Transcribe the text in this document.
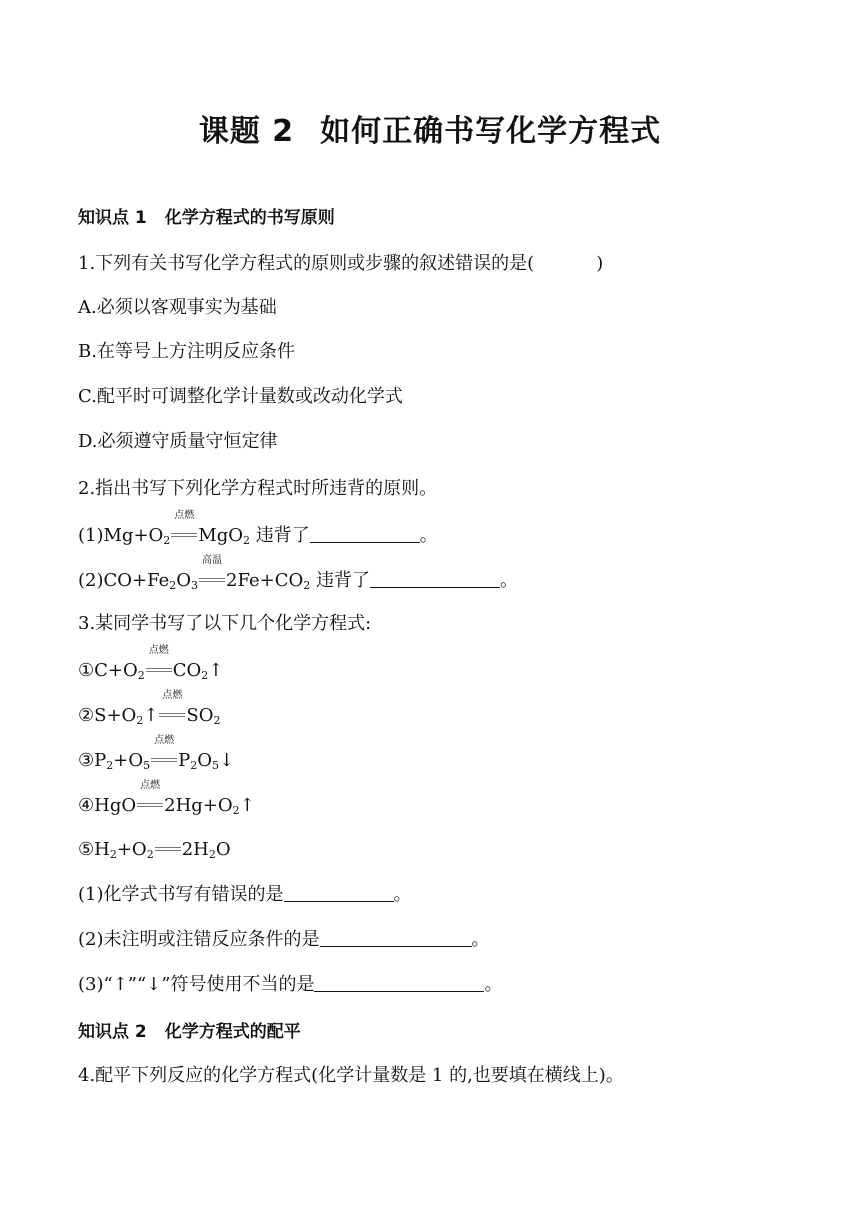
课题 2 如何正确书写化学方程式
知识点 1 化学方程式的书写原则
1.下列有关书写化学方程式的原则或步骤的叙述错误的是(	)
A.必须以客观事实为基础
B.在等号上方注明反应条件
C.配平时可调整化学计量数或改动化学式
D.必须遵守质量守恒定律
2.指出书写下列化学方程式时所违背的原则。
$(1)Mg+O_2$
点燃
MgO$_2$ 违背了	。
$(2)CO+Fe_2O_3$
高温
$2Fe+CO_2$ 违背了	。
3.某同学书写了以下几个化学方程式:
$①C+O_2$
点燃
$CO_2↑$
$②S+O_2↑$
点燃
$SO_2$
$③P_2+O_5$
点燃
$P_2O_5↓$
④HgO
点燃
$2Hg+O_2↑$
$⑤H_2+O_2$ $2H_2O$
(1)化学式书写有错误的是	。
(2)未注明或注错反应条件的是	。
(3)“↑”“↓”符号使用不当的是	。
知识点 2 化学方程式的配平
4.配平下列反应的化学方程式(化学计量数是 1 的,也要填在横线上)。
